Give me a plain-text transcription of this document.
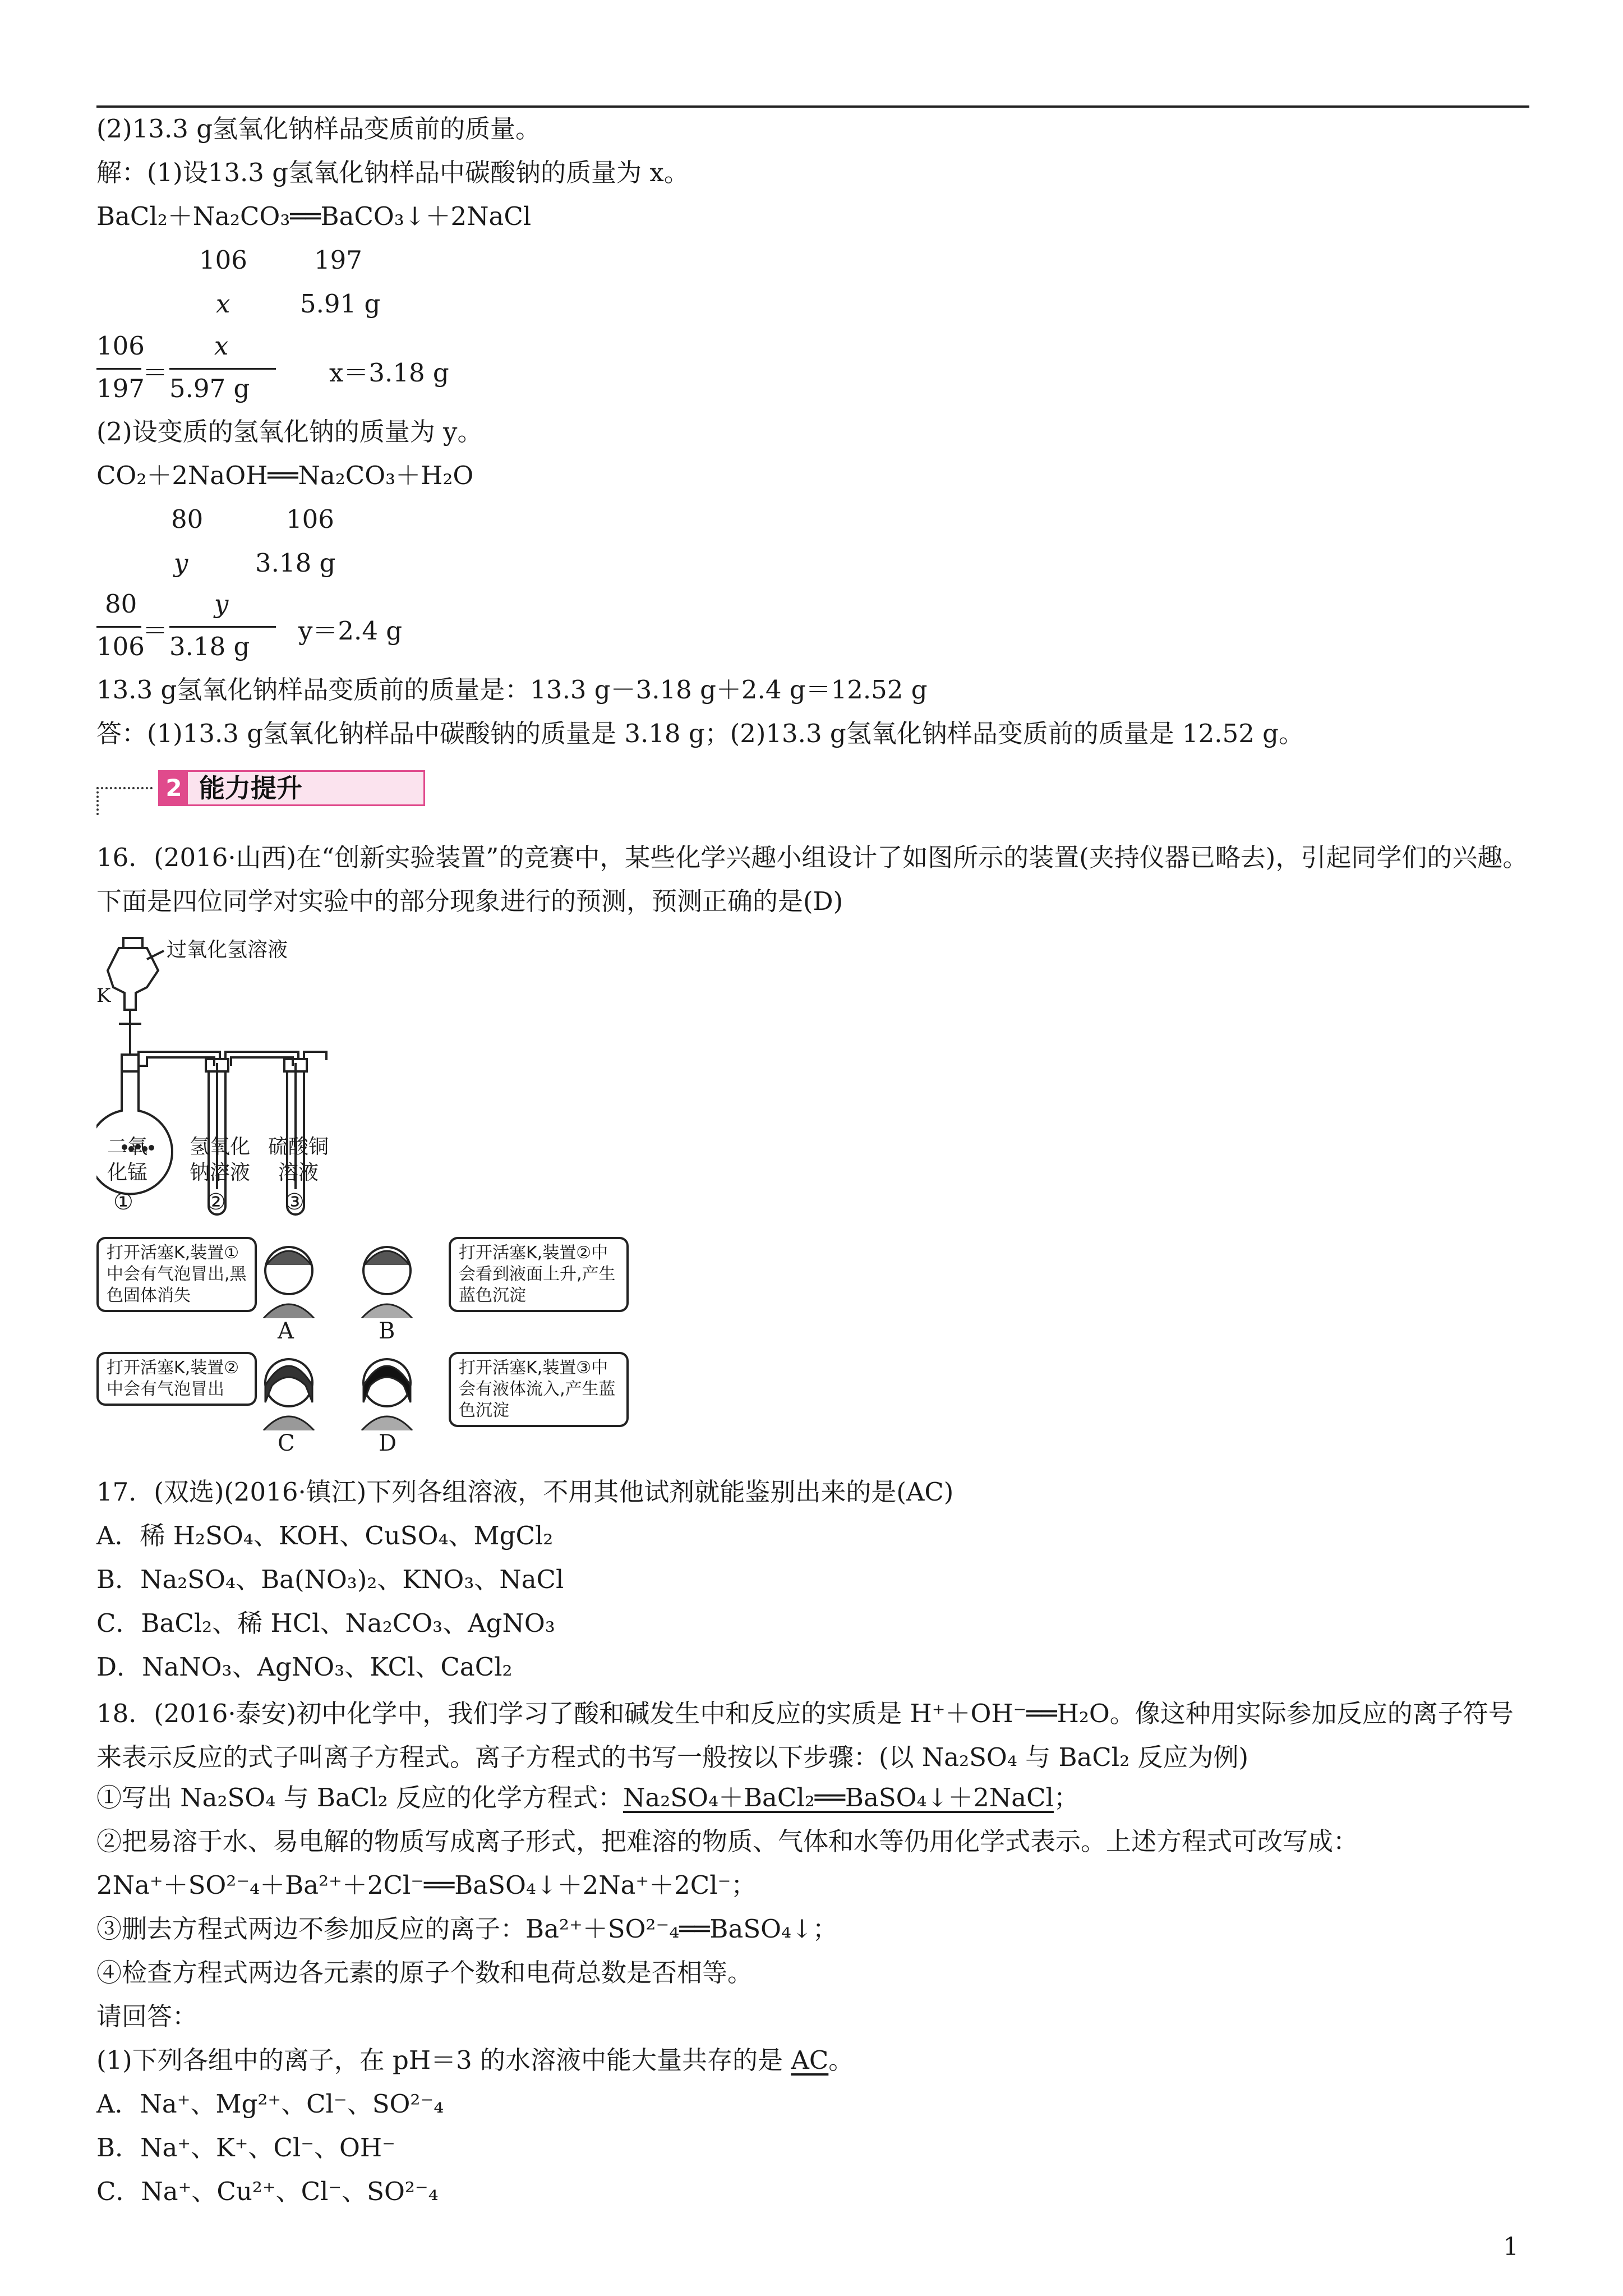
(2)13.3 g氢氧化钠样品变质前的质量。
解：(1)设13.3 g氢氧化钠样品中碳酸钠的质量为 x。
BaCl₂＋Na₂CO₃══BaCO₃↓＋2NaCl
106	197
x	5.91 g
106
197
＝
x
5.97 g
x＝3.18 g
(2)设变质的氢氧化钠的质量为 y。
CO₂＋2NaOH══Na₂CO₃＋H₂O
80	106
y	3.18 g
80
106
＝
y
3.18 g
y＝2.4 g
13.3 g氢氧化钠样品变质前的质量是：13.3 g－3.18 g＋2.4 g＝12.52 g
答：(1)13.3 g氢氧化钠样品中碳酸钠的质量是 3.18 g；(2)13.3 g氢氧化钠样品变质前的质量是 12.52 g。
2 能力提升
16．(2016·山西)在“创新实验装置”的竞赛中，某些化学兴趣小组设计了如图所示的装置(夹持仪器已略去)，引起同学们的兴趣。下面是四位同学对实验中的部分现象进行的预测，预测正确的是(D)
过氧化氢溶液
K
二氧化锰
氢氧化钠溶液
硫酸铜溶液
①	②	③
打开活塞K,装置①中会有气泡冒出,黑色固体消失
A	B
打开活塞K,装置②中会看到液面上升,产生蓝色沉淀
打开活塞K,装置②中会有气泡冒出
C	D
打开活塞K,装置③中会有液体流入,产生蓝色沉淀
17．(双选)(2016·镇江)下列各组溶液，不用其他试剂就能鉴别出来的是(AC)
A．稀 H₂SO₄、KOH、CuSO₄、MgCl₂
B．Na₂SO₄、Ba(NO₃)₂、KNO₃、NaCl
C．BaCl₂、稀 HCl、Na₂CO₃、AgNO₃
D．NaNO₃、AgNO₃、KCl、CaCl₂
18．(2016·泰安)初中化学中，我们学习了酸和碱发生中和反应的实质是 H⁺＋OH⁻══H₂O。像这种用实际参加反应的离子符号来表示反应的式子叫离子方程式。离子方程式的书写一般按以下步骤：(以 Na₂SO₄ 与 BaCl₂ 反应为例)
①写出 Na₂SO₄ 与 BaCl₂ 反应的化学方程式：Na₂SO₄＋BaCl₂══BaSO₄↓＋2NaCl；
②把易溶于水、易电解的物质写成离子形式，把难溶的物质、气体和水等仍用化学式表示。上述方程式可改写成：
2Na⁺＋SO²⁻₄＋Ba²⁺＋2Cl⁻══BaSO₄↓＋2Na⁺＋2Cl⁻；
③删去方程式两边不参加反应的离子：Ba²⁺＋SO²⁻₄══BaSO₄↓；
④检查方程式两边各元素的原子个数和电荷总数是否相等。
请回答：
(1)下列各组中的离子，在 pH＝3 的水溶液中能大量共存的是 AC。
A．Na⁺、Mg²⁺、Cl⁻、SO²⁻₄
B．Na⁺、K⁺、Cl⁻、OH⁻
C．Na⁺、Cu²⁺、Cl⁻、SO²⁻₄
1
